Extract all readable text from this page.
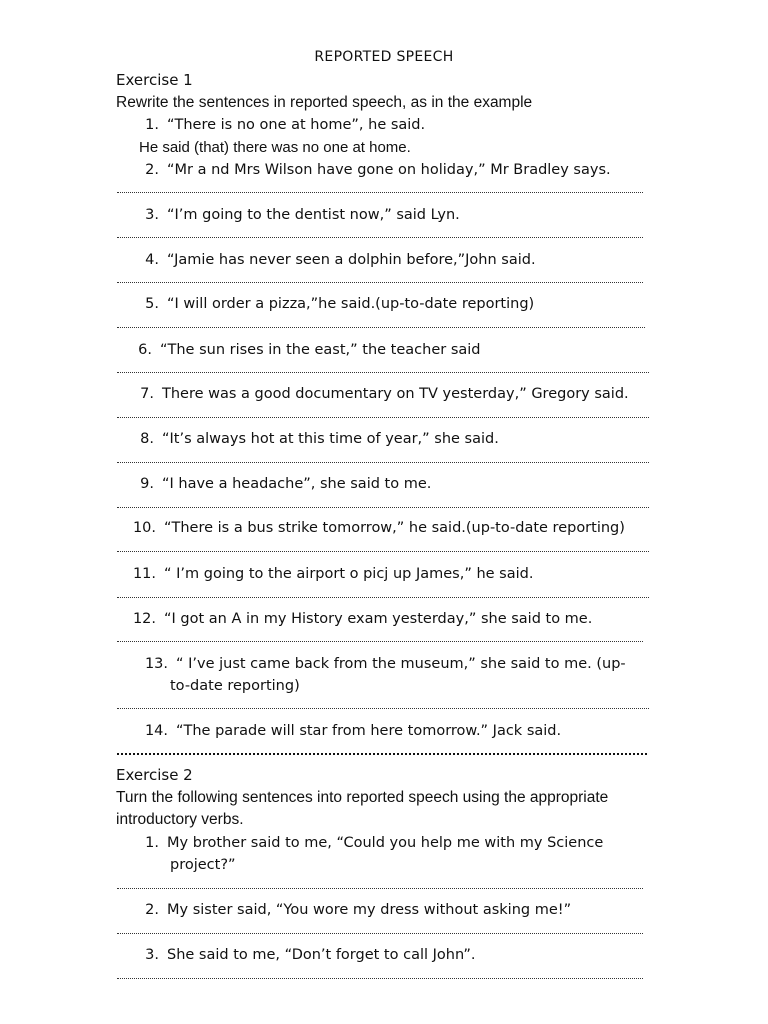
REPORTED SPEECH
Exercise 1
Rewrite the sentences in reported speech, as in the example
1. “There is no one at home”, he said.
He said (that) there was no one at home.
2. “Mr a nd Mrs Wilson have gone on holiday,” Mr Bradley says.
3. “I’m going to the dentist now,” said Lyn.
4. “Jamie has never seen a dolphin before,”John said.
5. “I will order a pizza,”he said.(up-to-date reporting)
6. “The sun rises in the east,” the teacher said
7. There was a good documentary on TV yesterday,” Gregory said.
8. “It’s always hot at this time of year,” she said.
9. “I have a headache”, she said to me.
10. “There is a bus strike tomorrow,” he said.(up-to-date reporting)
11. “ I’m going to the airport o picj up James,” he said.
12. “I got an A in my History exam yesterday,” she said to me.
13. “ I’ve just came back from the museum,” she said to me. (up-
to-date reporting)
14. “The parade will star from here tomorrow.” Jack said.
Exercise 2
Turn the following sentences into reported speech using the appropriate introductory verbs.
1. My brother said to me, “Could you help me with my Science
project?”
2. My sister said, “You wore my dress without asking me!”
3. She said to me, “Don’t forget to call John”.
